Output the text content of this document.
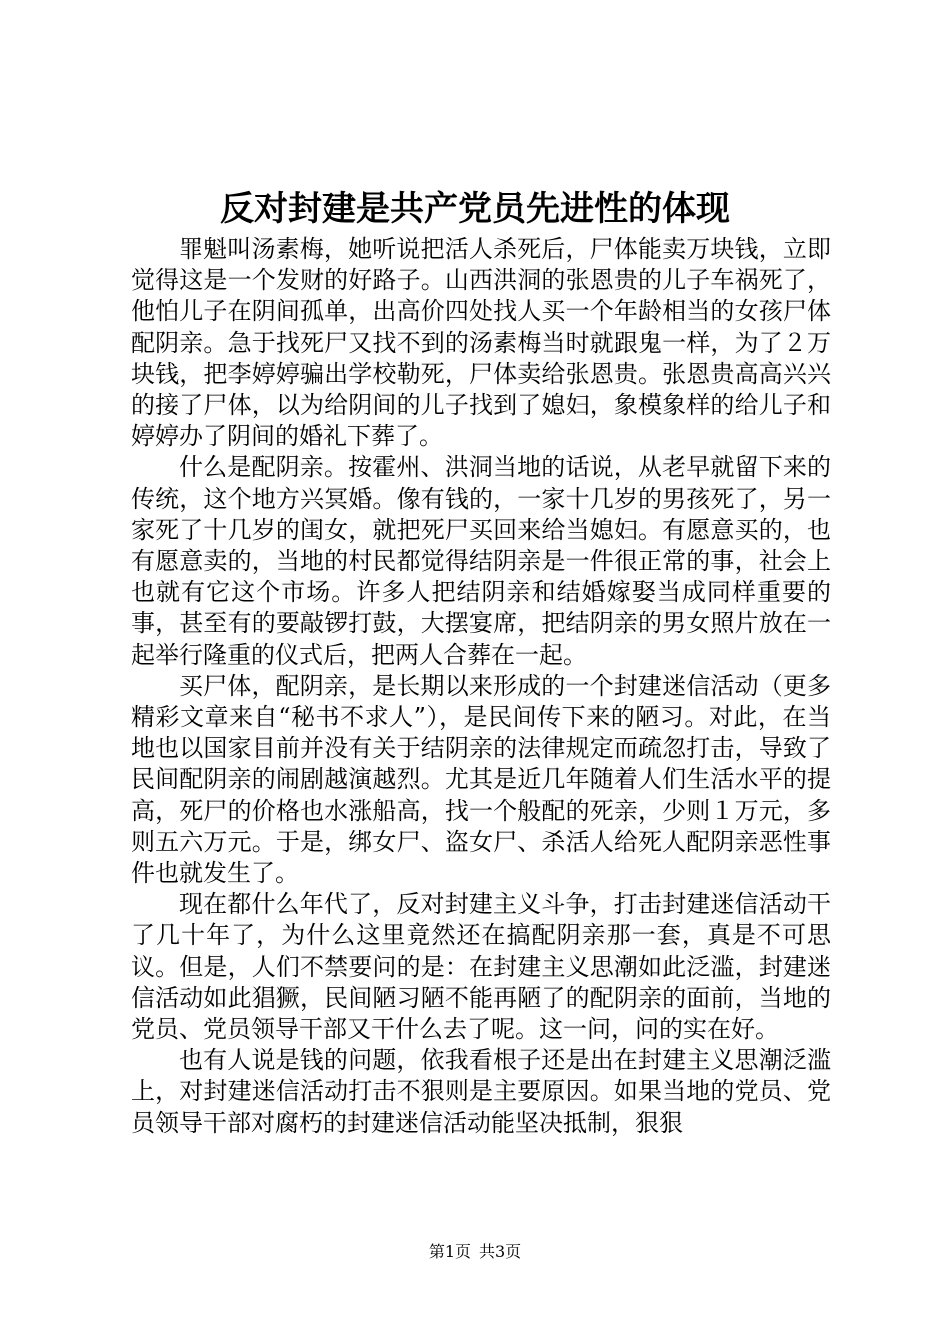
反对封建是共产党员先进性的体现

罪魁叫汤素梅，她听说把活人杀死后，尸体能卖万块钱，立即觉得这是一个发财的好路子。山西洪洞的张恩贵的儿子车祸死了，他怕儿子在阴间孤单，出高价四处找人买一个年龄相当的女孩尸体配阴亲。急于找死尸又找不到的汤素梅当时就跟鬼一样，为了２万块钱，把李婷婷骗出学校勒死，尸体卖给张恩贵。张恩贵高高兴兴的接了尸体，以为给阴间的儿子找到了媳妇，象模象样的给儿子和婷婷办了阴间的婚礼下葬了。

什么是配阴亲。按霍州、洪洞当地的话说，从老早就留下来的传统，这个地方兴冥婚。像有钱的，一家十几岁的男孩死了，另一家死了十几岁的闺女，就把死尸买回来给当媳妇。有愿意买的，也有愿意卖的，当地的村民都觉得结阴亲是一件很正常的事，社会上也就有它这个市场。许多人把结阴亲和结婚嫁娶当成同样重要的事，甚至有的要敲锣打鼓，大摆宴席，把结阴亲的男女照片放在一起举行隆重的仪式后，把两人合葬在一起。

买尸体，配阴亲，是长期以来形成的一个封建迷信活动（更多精彩文章来自“秘书不求人”），是民间传下来的陋习。对此，在当地也以国家目前并没有关于结阴亲的法律规定而疏忽打击，导致了民间配阴亲的闹剧越演越烈。尤其是近几年随着人们生活水平的提高，死尸的价格也水涨船高，找一个般配的死亲，少则１万元，多则五六万元。于是，绑女尸、盗女尸、杀活人给死人配阴亲恶性事件也就发生了。

现在都什么年代了，反对封建主义斗争，打击封建迷信活动干了几十年了，为什么这里竟然还在搞配阴亲那一套，真是不可思议。但是，人们不禁要问的是：在封建主义思潮如此泛滥，封建迷信活动如此猖獗，民间陋习陋不能再陋了的配阴亲的面前，当地的党员、党员领导干部又干什么去了呢。这一问，问的实在好。

也有人说是钱的问题，依我看根子还是出在封建主义思潮泛滥上，对封建迷信活动打击不狠则是主要原因。如果当地的党员、党员领导干部对腐朽的封建迷信活动能坚决抵制，狠狠

第1页 共3页
